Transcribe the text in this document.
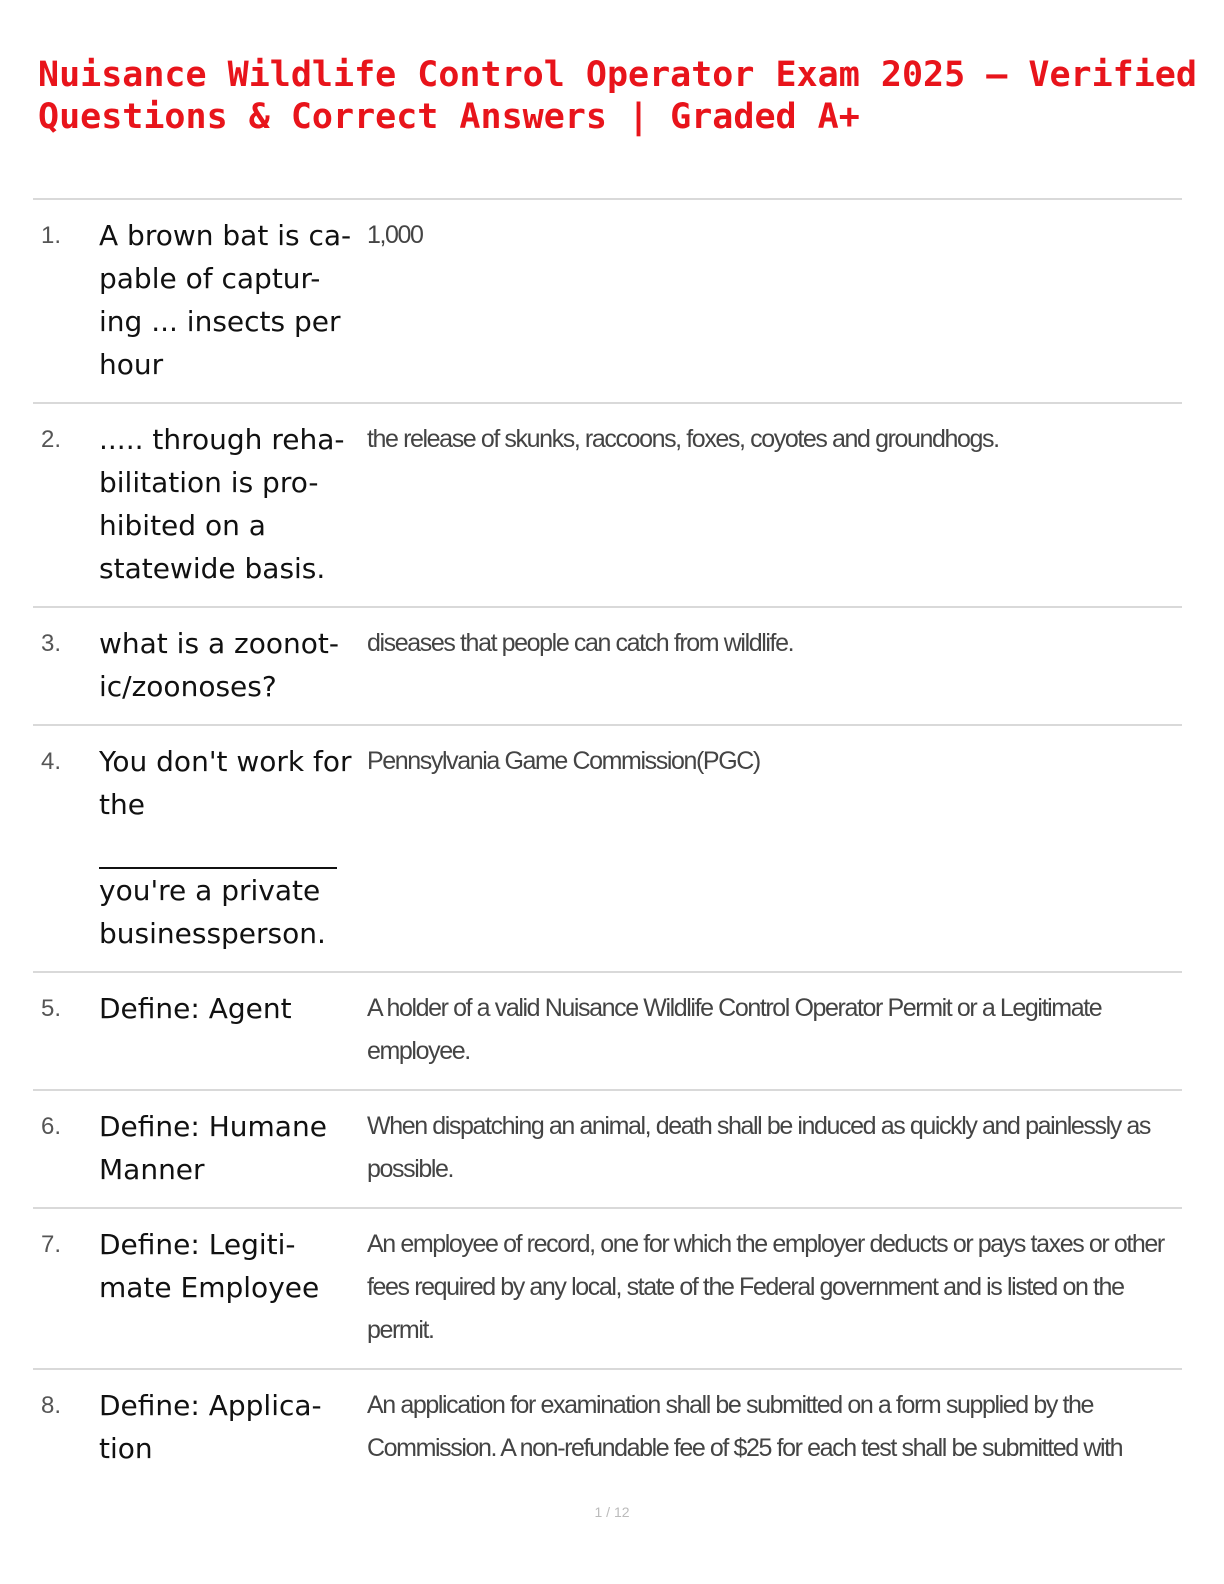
Nuisance Wildlife Control Operator Exam 2025 – Verified Questions & Correct Answers | Graded A+
1.	A brown bat is ca-pable of captur-ing ... insects per hour
1,000
2.	..... through reha-bilitation is pro-hibited on a statewide basis.
the release of skunks, raccoons, foxes, coyotes and groundhogs.
3.	what is a zoonot-ic/zoonoses?
diseases that people can catch from wildlife.
4.	You don't work for the
you're a private businessperson.
Pennsylvania Game Commission(PGC)
5.	Define: Agent	A holder of a valid Nuisance Wildlife Control Operator Permit or a Legitimate employee.
6.	Define: Humane Manner
When dispatching an animal, death shall be induced as quickly and painlessly as possible.
7.	Define: Legiti-mate Employee
An employee of record, one for which the employer deducts or pays taxes or other fees required by any local, state of the Federal government and is listed on the permit.
8.	Define: Applica-tion
An application for examination shall be submitted on a form supplied by the Commission. A non-refundable fee of $25 for each test shall be submitted with
1 / 12
